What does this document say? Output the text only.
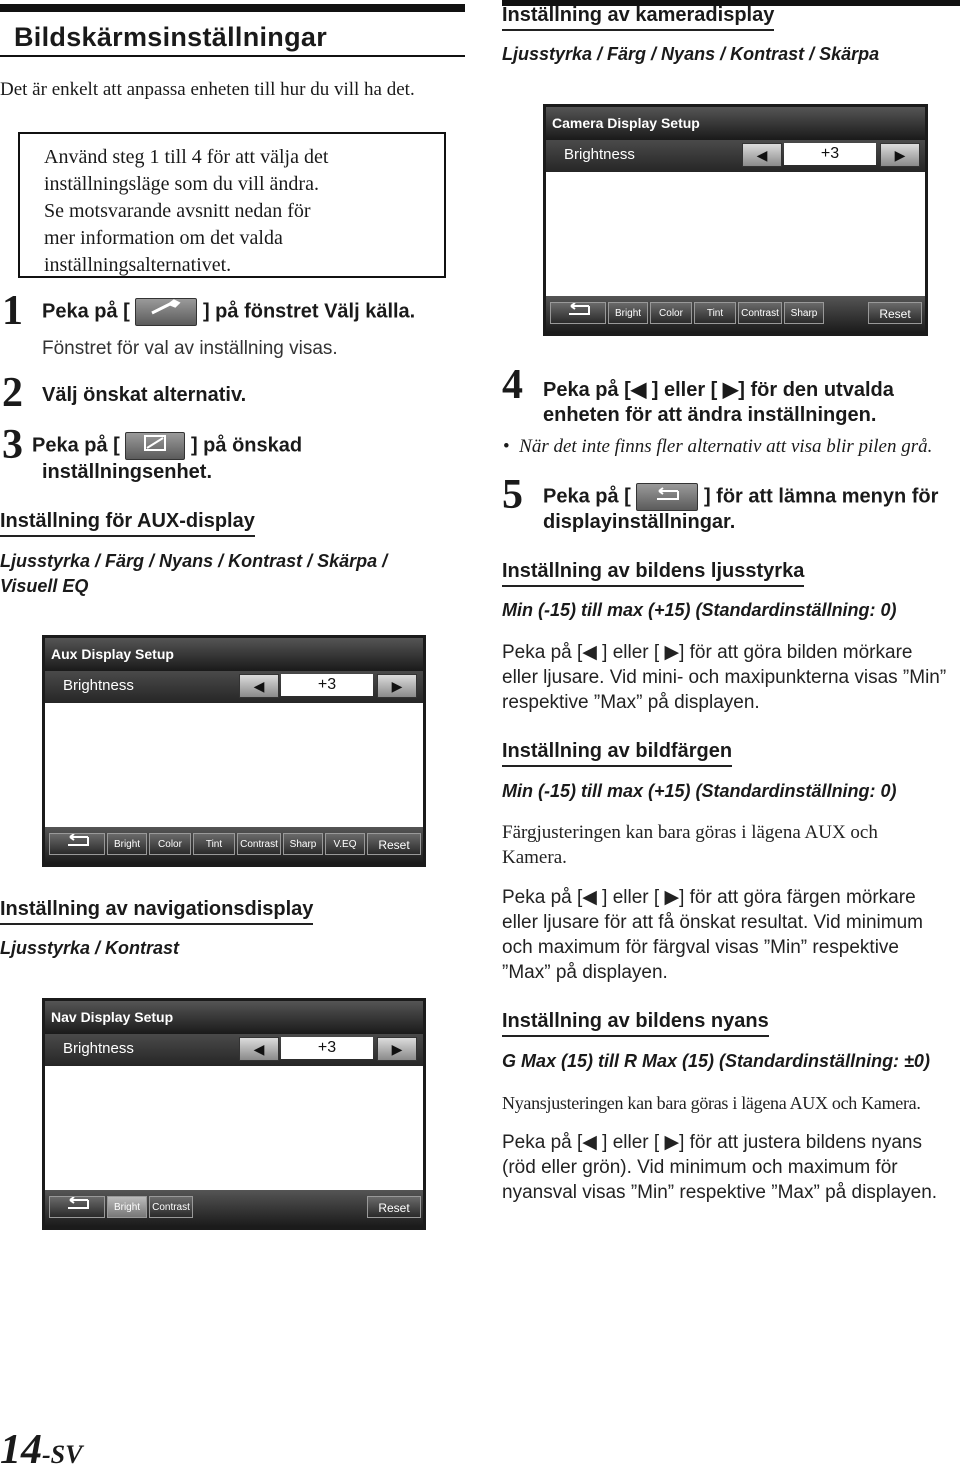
Bildskärmsinställningar
Det är enkelt att anpassa enheten till hur du vill ha det.
Använd steg 1 till 4 för att välja det
inställningsläge som du vill ändra.
Se motsvarande avsnitt nedan för
mer information om det valda
inställningsalternativet.
1 Peka på [	] på fönstret Välj källa.
Fönstret för val av inställning visas.
2 Välj önskat alternativ.
3 Peka på [	] på önskad
inställningsenhet.
Inställning för AUX-display
Ljusstyrka / Färg / Nyans / Kontrast / Skärpa /
Visuell EQ
Aux Display Setup
Brightness	◀	+3	▶
Bright	Color	Tint	Contrast	Sharp	V.EQ	Reset
Inställning av navigationsdisplay
Ljusstyrka / Kontrast
Nav Display Setup
Brightness	◀	+3	▶
Bright	Contrast	Reset
Inställning av kameradisplay
Ljusstyrka / Färg / Nyans / Kontrast / Skärpa
Camera Display Setup
Brightness	◀	+3	▶
Bright	Color	Tint	Contrast	Sharp	Reset
4 Peka på [◀ ] eller [ ▶] för den utvalda
enheten för att ändra inställningen.
•  När det inte finns fler alternativ att visa blir pilen grå.
5 Peka på [	] för att lämna menyn för
displayinställningar.
Inställning av bildens ljusstyrka
Min (-15) till max (+15) (Standardinställning: 0)
Peka på [◀ ] eller [ ▶] för att göra bilden mörkare
eller ljusare. Vid mini- och maxipunkterna visas ”Min”
respektive ”Max” på displayen.
Inställning av bildfärgen
Min (-15) till max (+15) (Standardinställning: 0)
Färgjusteringen kan bara göras i lägena AUX och
Kamera.
Peka på [◀ ] eller [ ▶] för att göra färgen mörkare
eller ljusare för att få önskat resultat. Vid minimum
och maximum för färgval visas ”Min” respektive
”Max” på displayen.
Inställning av bildens nyans
G Max (15) till R Max (15) (Standardinställning: ±0)
Nyansjusteringen kan bara göras i lägena AUX och Kamera.
Peka på [◀ ] eller [ ▶] för att justera bildens nyans
(röd eller grön). Vid minimum och maximum för
nyansval visas ”Min” respektive ”Max” på displayen.
14-SV
